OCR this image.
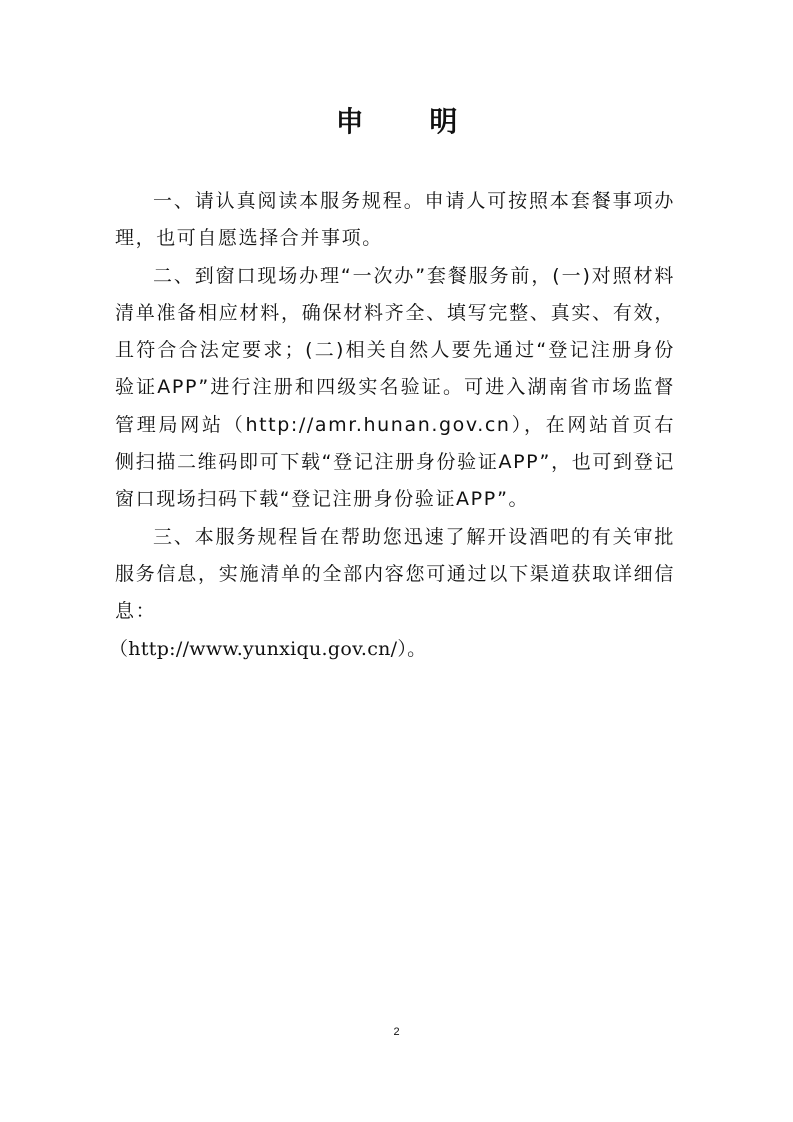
申 明

一、请认真阅读本服务规程。申请人可按照本套餐事项办理，也可自愿选择合并事项。

二、到窗口现场办理“一次办”套餐服务前，(一)对照材料清单准备相应材料，确保材料齐全、填写完整、真实、有效，且符合合法定要求；(二)相关自然人要先通过“登记注册身份验证APP”进行注册和四级实名验证。可进入湖南省市场监督管理局网站（http://amr.hunan.gov.cn），在网站首页右侧扫描二维码即可下载“登记注册身份验证APP”，也可到登记窗口现场扫码下载“登记注册身份验证APP”。

三、本服务规程旨在帮助您迅速了解开设酒吧的有关审批服务信息，实施清单的全部内容您可通过以下渠道获取详细信息：

（http://www.yunxiqu.gov.cn/）。

2
